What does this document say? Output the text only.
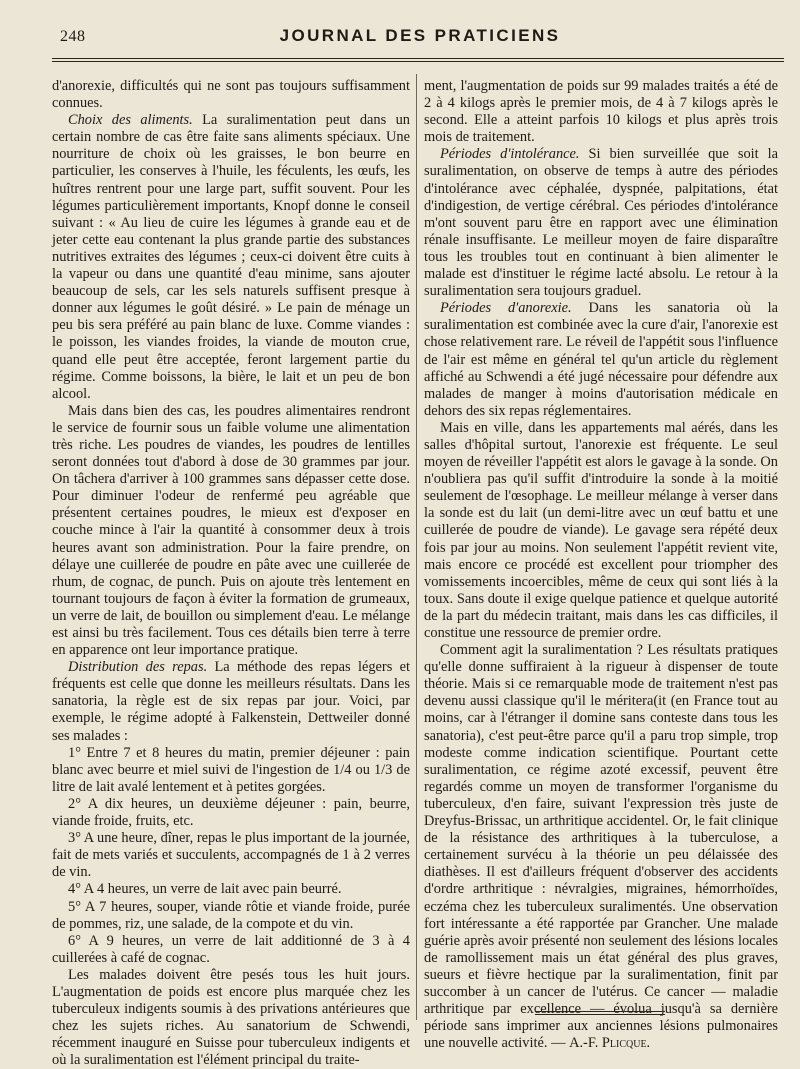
248	JOURNAL DES PRATICIENS

d'anorexie, difficultés qui ne sont pas toujours suffisamment connues.

Choix des aliments. La suralimentation peut dans un certain nombre de cas être faite sans aliments spéciaux. Une nourriture de choix où les graisses, le bon beurre en particulier, les conserves à l'huile, les féculents, les œufs, les huîtres rentrent pour une large part, suffit souvent. Pour les légumes particulièrement importants, Knopf donne le conseil suivant : « Au lieu de cuire les légumes à grande eau et de jeter cette eau contenant la plus grande partie des substances nutritives extraites des légumes ; ceux-ci doivent être cuits à la vapeur ou dans une quantité d'eau minime, sans ajouter beaucoup de sels, car les sels naturels suffisent presque à donner aux légumes le goût désiré. » Le pain de ménage un peu bis sera préféré au pain blanc de luxe. Comme viandes : le poisson, les viandes froides, la viande de mouton crue, quand elle peut être acceptée, feront largement partie du régime. Comme boissons, la bière, le lait et un peu de bon alcool.

Mais dans bien des cas, les poudres alimentaires rendront le service de fournir sous un faible volume une alimentation très riche. Les poudres de viandes, les poudres de lentilles seront données tout d'abord à dose de 30 grammes par jour. On tâchera d'arriver à 100 grammes sans dépasser cette dose. Pour diminuer l'odeur de renfermé peu agréable que présentent certaines poudres, le mieux est d'exposer en couche mince à l'air la quantité à consommer deux à trois heures avant son administration. Pour la faire prendre, on délaye une cuillerée de poudre en pâte avec une cuillerée de rhum, de cognac, de punch. Puis on ajoute très lentement en tournant toujours de façon à éviter la formation de grumeaux, un verre de lait, de bouillon ou simplement d'eau. Le mélange est ainsi bu très facilement. Tous ces détails bien terre à terre en apparence ont leur importance pratique.

Distribution des repas. La méthode des repas légers et fréquents est celle que donne les meilleurs résultats. Dans les sanatoria, la règle est de six repas par jour. Voici, par exemple, le régime adopté à Falkenstein, Dettweiler donné ses malades :

1° Entre 7 et 8 heures du matin, premier déjeuner : pain blanc avec beurre et miel suivi de l'ingestion de 1/4 ou 1/3 de litre de lait avalé lentement et à petites gorgées.

2° A dix heures, un deuxième déjeuner : pain, beurre, viande froide, fruits, etc.

3° A une heure, dîner, repas le plus important de la journée, fait de mets variés et succulents, accompagnés de 1 à 2 verres de vin.

4° A 4 heures, un verre de lait avec pain beurré.

5° A 7 heures, souper, viande rôtie et viande froide, purée de pommes, riz, une salade, de la compote et du vin.

6° A 9 heures, un verre de lait additionné de 3 à 4 cuillerées à café de cognac.

Les malades doivent être pesés tous les huit jours. L'augmentation de poids est encore plus marquée chez les tuberculeux indigents soumis à des privations antérieures que chez les sujets riches. Au sanatorium de Schwendi, récemment inauguré en Suisse pour tuberculeux indigents et où la suralimentation est l'élément principal du traite-

ment, l'augmentation de poids sur 99 malades traités a été de 2 à 4 kilogs après le premier mois, de 4 à 7 kilogs après le second. Elle a atteint parfois 10 kilogs et plus après trois mois de traitement.

Périodes d'intolérance. Si bien surveillée que soit la suralimentation, on observe de temps à autre des périodes d'intolérance avec céphalée, dyspnée, palpitations, état d'indigestion, de vertige cérébral. Ces périodes d'intolérance m'ont souvent paru être en rapport avec une élimination rénale insuffisante. Le meilleur moyen de faire disparaître tous les troubles tout en continuant à bien alimenter le malade est d'instituer le régime lacté absolu. Le retour à la suralimentation sera toujours graduel.

Périodes d'anorexie. Dans les sanatoria où la suralimentation est combinée avec la cure d'air, l'anorexie est chose relativement rare. Le réveil de l'appétit sous l'influence de l'air est même en général tel qu'un article du règlement affiché au Schwendi a été jugé nécessaire pour défendre aux malades de manger à moins d'autorisation médicale en dehors des six repas réglementaires.

Mais en ville, dans les appartements mal aérés, dans les salles d'hôpital surtout, l'anorexie est fréquente. Le seul moyen de réveiller l'appétit est alors le gavage à la sonde. On n'oubliera pas qu'il suffit d'introduire la sonde à la moitié seulement de l'œsophage. Le meilleur mélange à verser dans la sonde est du lait (un demi-litre avec un œuf battu et une cuillerée de poudre de viande). Le gavage sera répété deux fois par jour au moins. Non seulement l'appétit revient vite, mais encore ce procédé est excellent pour triompher des vomissements incoercibles, même de ceux qui sont liés à la toux. Sans doute il exige quelque patience et quelque autorité de la part du médecin traitant, mais dans les cas difficiles, il constitue une ressource de premier ordre.

Comment agit la suralimentation ? Les résultats pratiques qu'elle donne suffiraient à la rigueur à dispenser de toute théorie. Mais si ce remarquable mode de traitement n'est pas devenu aussi classique qu'il le méritera(it (en France tout au moins, car à l'étranger il domine sans conteste dans tous les sanatoria), c'est peut-être parce qu'il a paru trop simple, trop modeste comme indication scientifique. Pourtant cette suralimentation, ce régime azoté excessif, peuvent être regardés comme un moyen de transformer l'organisme du tuberculeux, d'en faire, suivant l'expression très juste de Dreyfus-Brissac, un arthritique accidentel. Or, le fait clinique de la résistance des arthritiques à la tuberculose, a certainement survécu à la théorie un peu délaissée des diathèses. Il est d'ailleurs fréquent d'observer des accidents d'ordre arthritique : névralgies, migraines, hémorrhoïdes, eczéma chez les tuberculeux suralimentés. Une observation fort intéressante a été rapportée par Grancher. Une malade guérie après avoir présenté non seulement des lésions locales de ramollissement mais un état général des plus graves, sueurs et fièvre hectique par la suralimentation, finit par succomber à un cancer de l'utérus. Ce cancer — maladie arthritique par excellence — évolua jusqu'à sa dernière période sans imprimer aux anciennes lésions pulmonaires une nouvelle activité. — A.-F. Plicque.
